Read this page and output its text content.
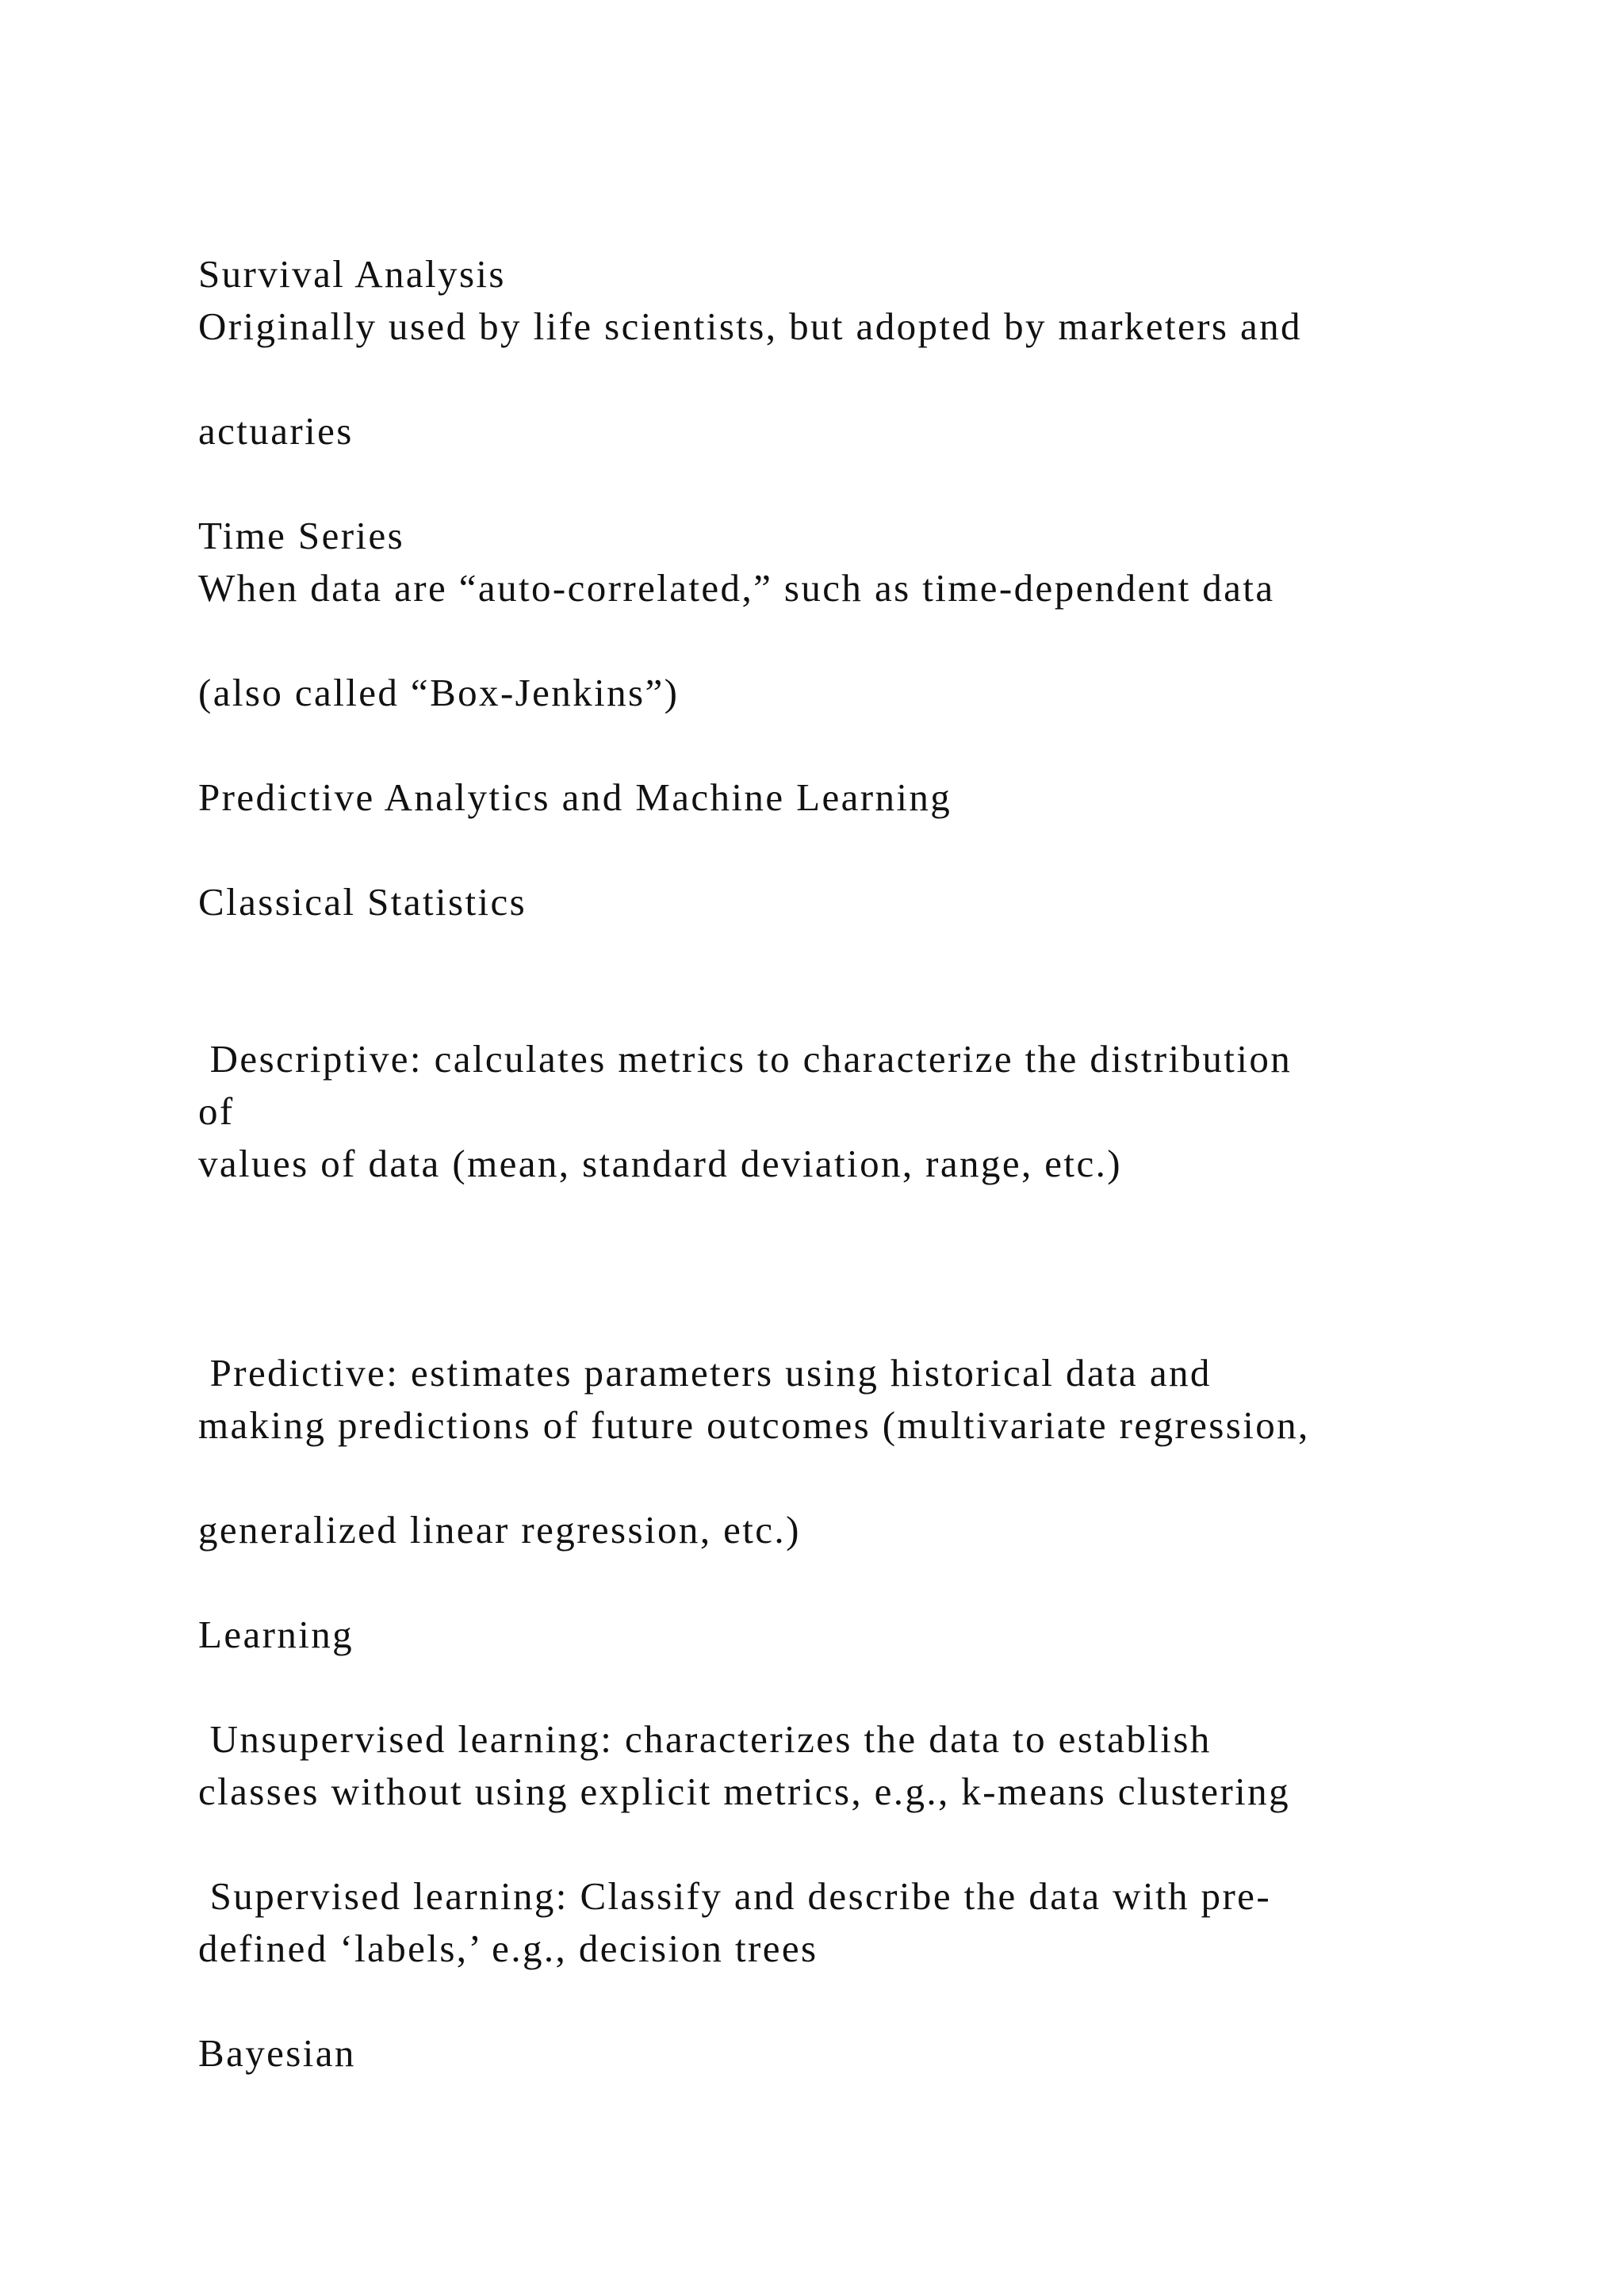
Survival Analysis

Originally used by life scientists, but adopted by marketers and

actuaries

Time Series

When data are “auto-correlated,” such as time-dependent data

(also called “Box-Jenkins”)

Predictive Analytics and Machine Learning

Classical Statistics

Descriptive: calculates metrics to characterize the distribution

of

values of data (mean, standard deviation, range, etc.)

Predictive: estimates parameters using historical data and

making predictions of future outcomes (multivariate regression,

generalized linear regression, etc.)

Learning

Unsupervised learning: characterizes the data to establish

classes without using explicit metrics, e.g., k-means clustering

Supervised learning: Classify and describe the data with pre-

defined ‘labels,’ e.g., decision trees

Bayesian
